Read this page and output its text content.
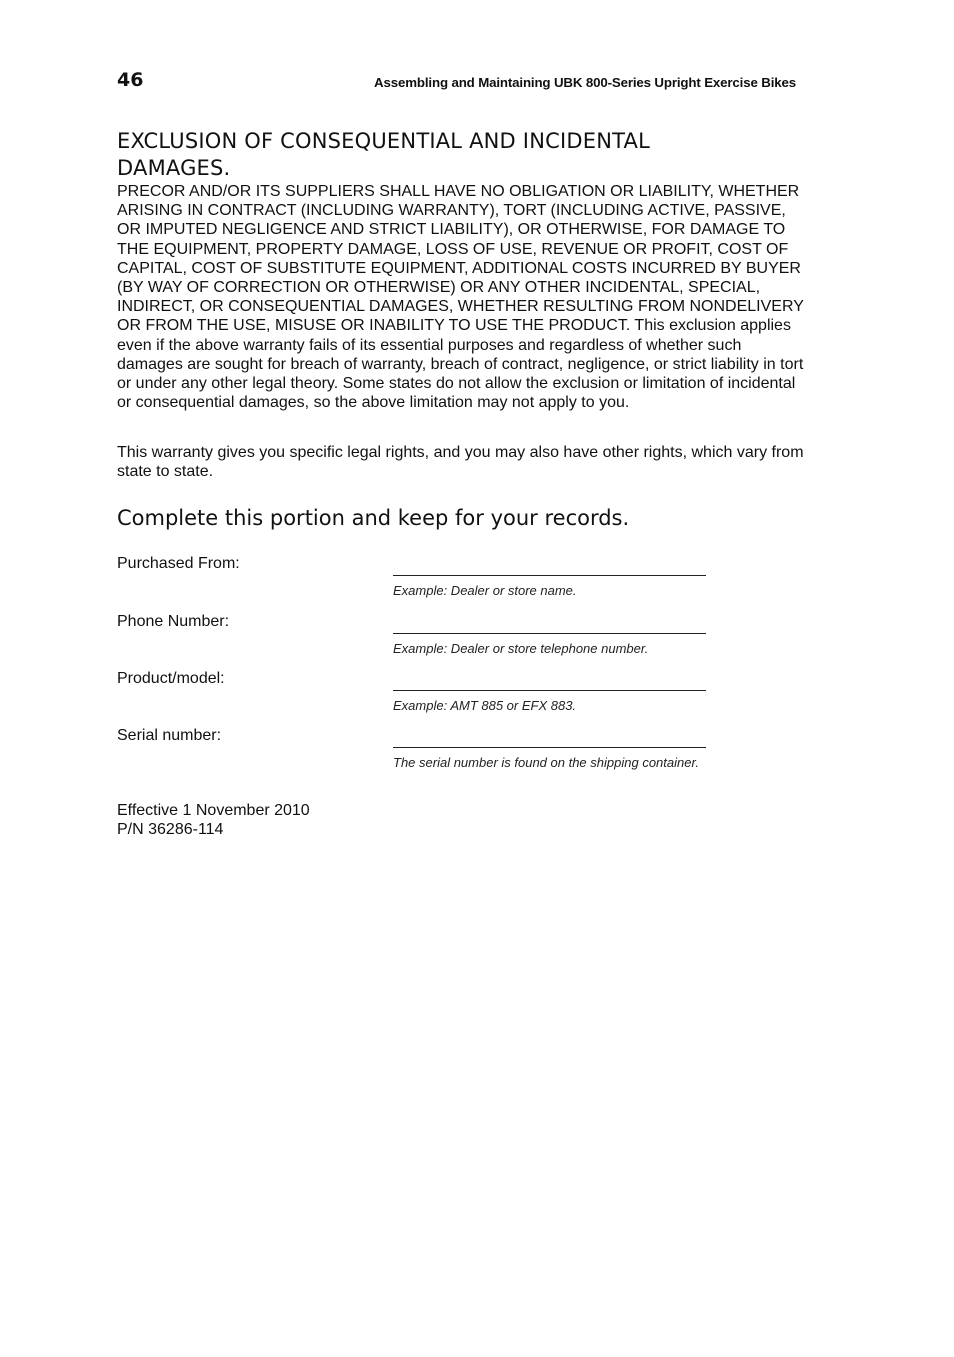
46	Assembling and Maintaining UBK 800-Series Upright Exercise Bikes
EXCLUSION OF CONSEQUENTIAL AND INCIDENTAL DAMAGES.

PRECOR AND/OR ITS SUPPLIERS SHALL HAVE NO OBLIGATION OR LIABILITY, WHETHER ARISING IN CONTRACT (INCLUDING WARRANTY), TORT (INCLUDING ACTIVE, PASSIVE, OR IMPUTED NEGLIGENCE AND STRICT LIABILITY), OR OTHERWISE, FOR DAMAGE TO THE EQUIPMENT, PROPERTY DAMAGE, LOSS OF USE, REVENUE OR PROFIT, COST OF CAPITAL, COST OF SUBSTITUTE EQUIPMENT, ADDITIONAL COSTS INCURRED BY BUYER (BY WAY OF CORRECTION OR OTHERWISE) OR ANY OTHER INCIDENTAL, SPECIAL, INDIRECT, OR CONSEQUENTIAL DAMAGES, WHETHER RESULTING FROM NONDELIVERY OR FROM THE USE, MISUSE OR INABILITY TO USE THE PRODUCT. This exclusion applies even if the above warranty fails of its essential purposes and regardless of whether such damages are sought for breach of warranty, breach of contract, negligence, or strict liability in tort or under any other legal theory. Some states do not allow the exclusion or limitation of incidental or consequential damages, so the above limitation may not apply to you.

This warranty gives you specific legal rights, and you may also have other rights, which vary from state to state.

Complete this portion and keep for your records.
Purchased From:
Example: Dealer or store name.
Phone Number:
Example: Dealer or store telephone number.
Product/model:
Example: AMT 885 or EFX 883.
Serial number:
The serial number is found on the shipping container.
Effective 1 November 2010
P/N 36286-114
